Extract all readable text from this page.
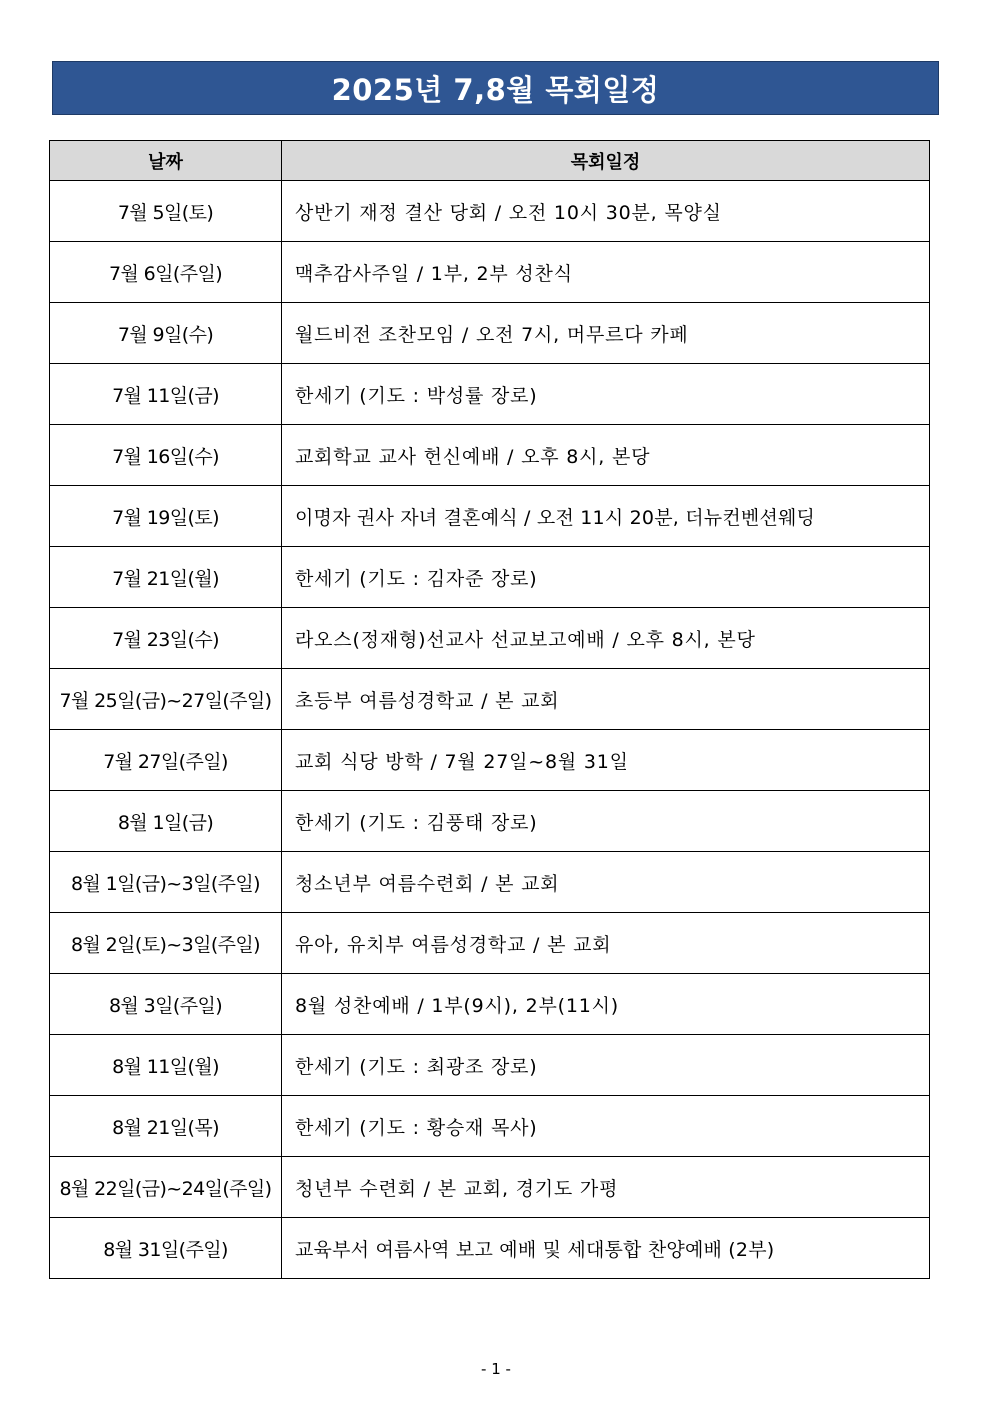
2025년 7,8월 목회일정
날짜	목회일정
7월 5일(토)	상반기 재정 결산 당회 / 오전 10시 30분, 목양실
7월 6일(주일)	맥추감사주일 / 1부, 2부 성찬식
7월 9일(수)	월드비전 조찬모임 / 오전 7시, 머무르다 카페
7월 11일(금)	한세기 (기도 : 박성률 장로)
7월 16일(수)	교회학교 교사 헌신예배 / 오후 8시, 본당
7월 19일(토)	이명자 권사 자녀 결혼예식 / 오전 11시 20분, 더뉴컨벤션웨딩
7월 21일(월)	한세기 (기도 : 김자준 장로)
7월 23일(수)	라오스(정재형)선교사 선교보고예배 / 오후 8시, 본당
7월 25일(금)~27일(주일)	초등부 여름성경학교 / 본 교회
7월 27일(주일)	교회 식당 방학 / 7월 27일~8월 31일
8월 1일(금)	한세기 (기도 : 김풍태 장로)
8월 1일(금)~3일(주일)	청소년부 여름수련회 / 본 교회
8월 2일(토)~3일(주일)	유아, 유치부 여름성경학교 / 본 교회
8월 3일(주일)	8월 성찬예배 / 1부(9시), 2부(11시)
8월 11일(월)	한세기 (기도 : 최광조 장로)
8월 21일(목)	한세기 (기도 : 황승재 목사)
8월 22일(금)~24일(주일)	청년부 수련회 / 본 교회, 경기도 가평
8월 31일(주일)	교육부서 여름사역 보고 예배 및 세대통합 찬양예배 (2부)
- 1 -
